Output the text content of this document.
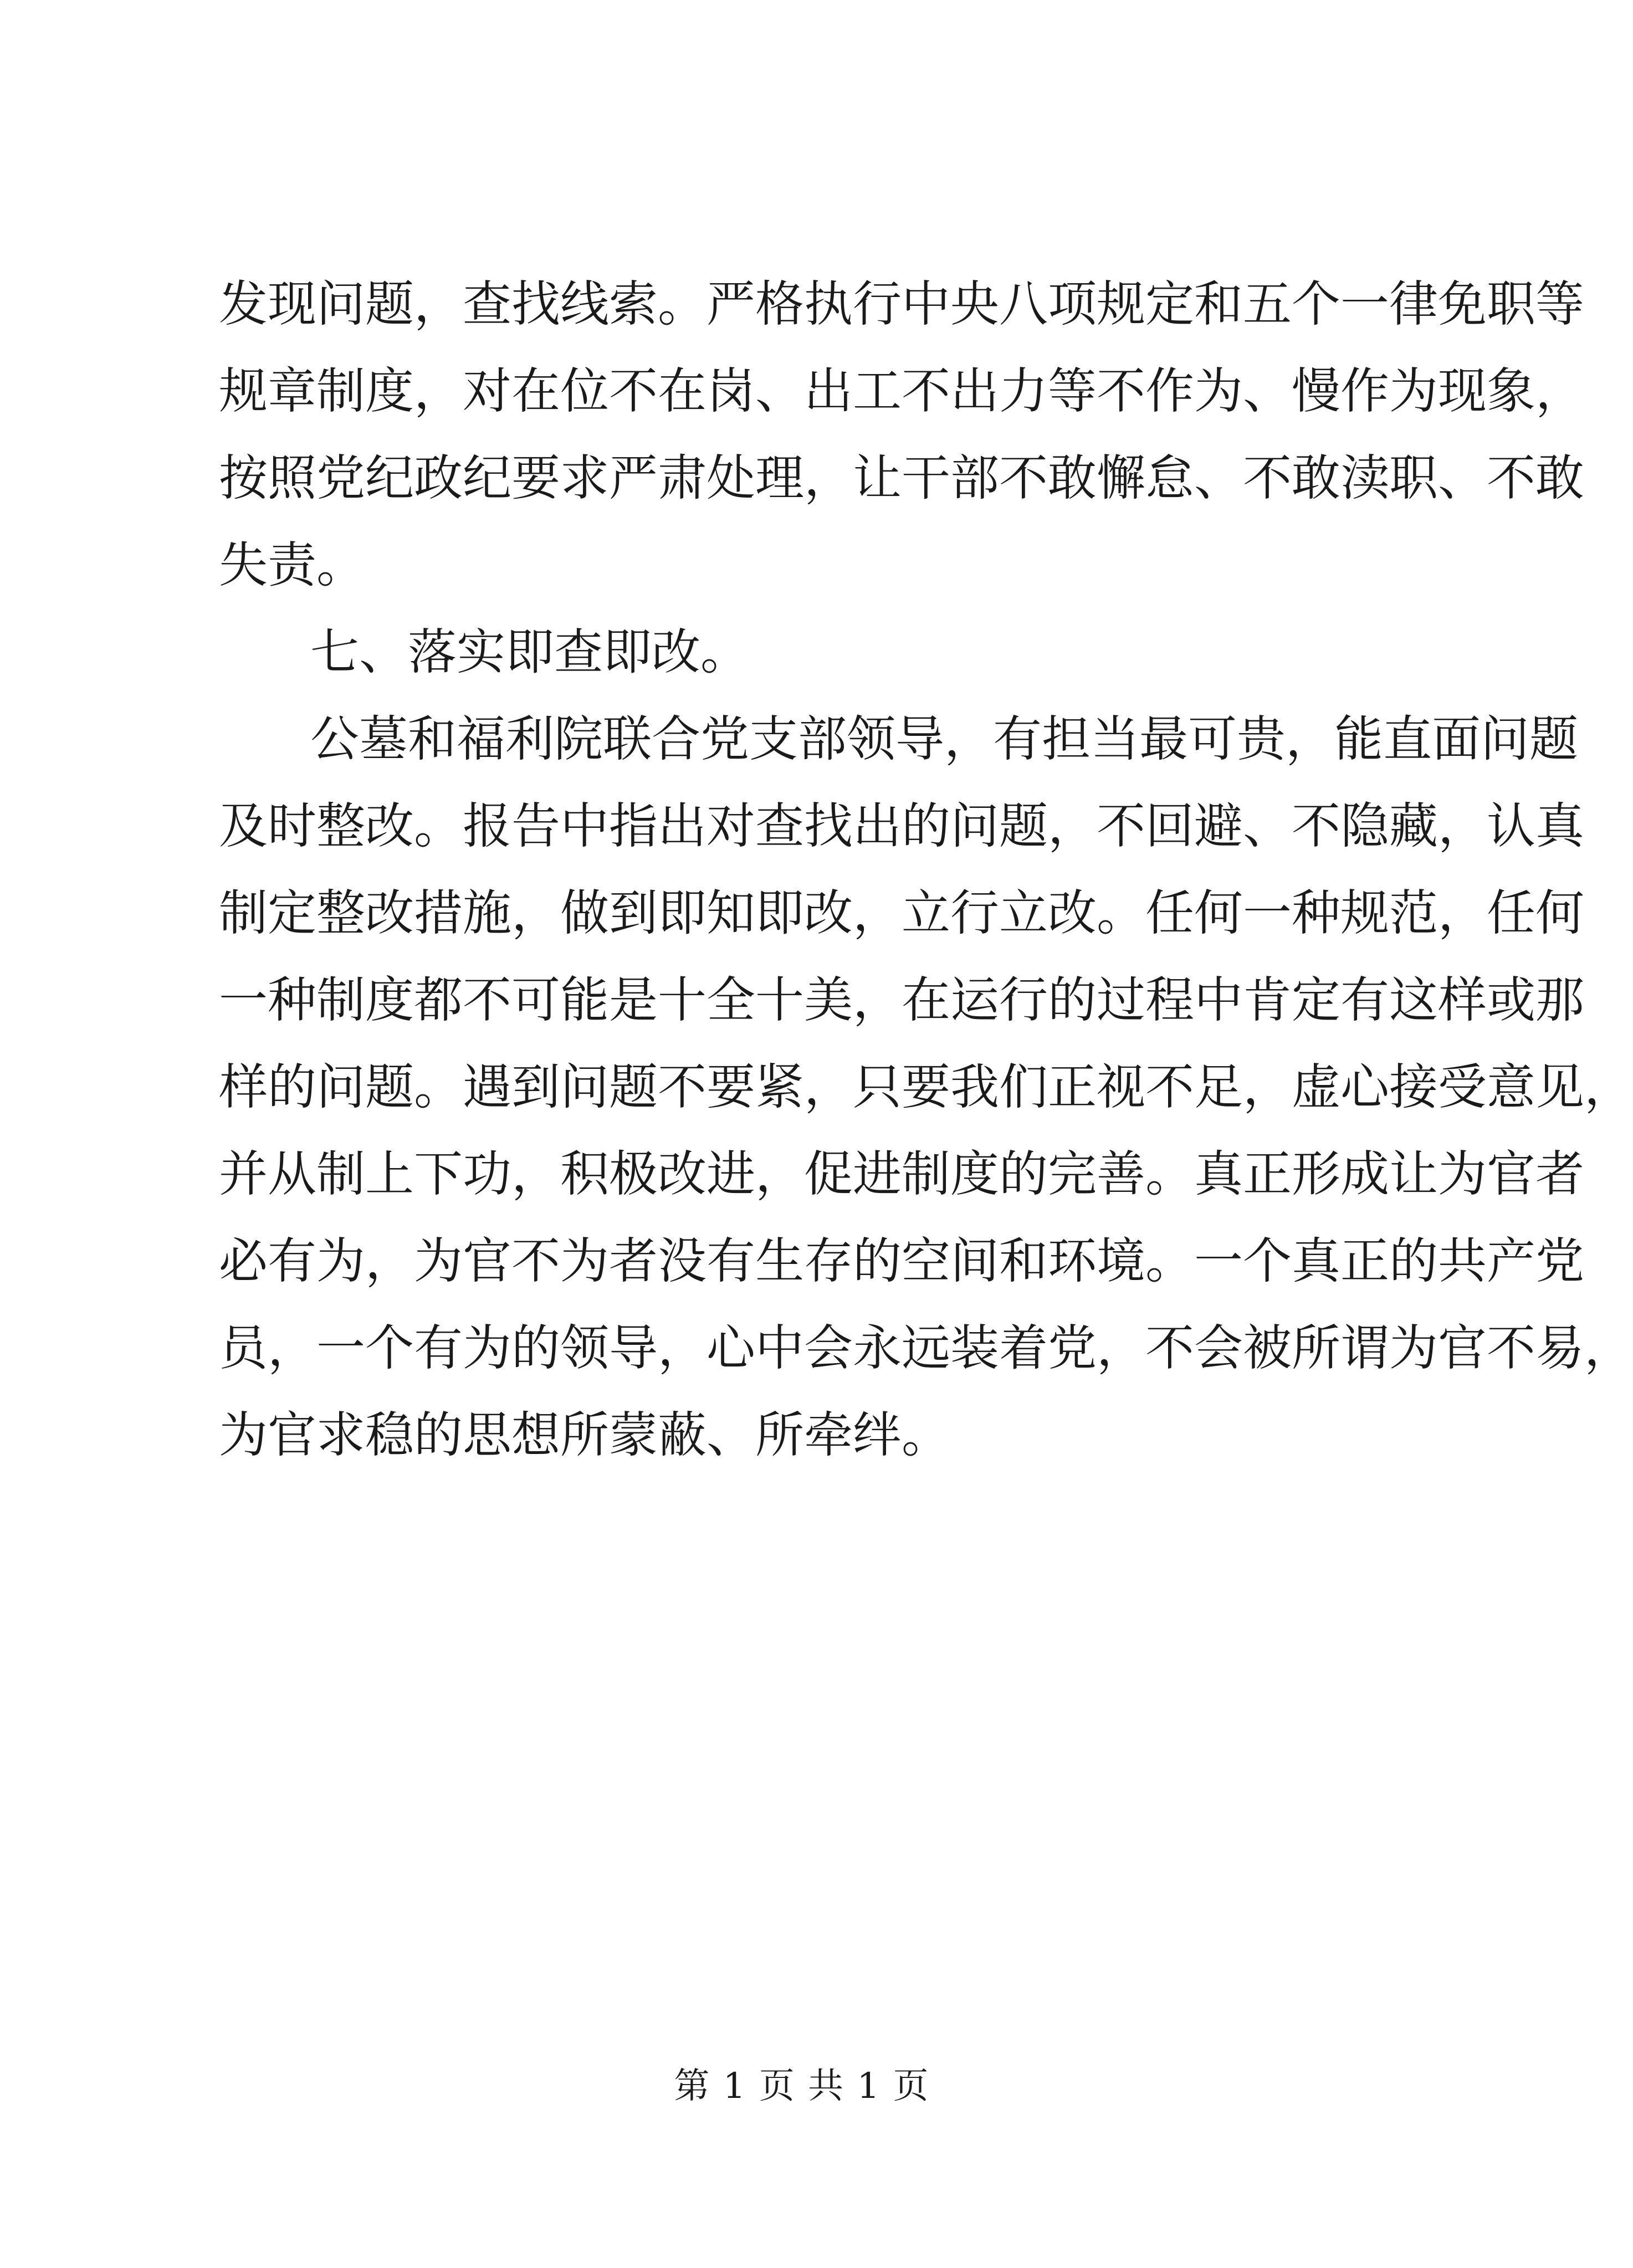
发现问题，查找线索。严格执行中央八项规定和五个一律免职等
规章制度，对在位不在岗、出工不出力等不作为、慢作为现象，
按照党纪政纪要求严肃处理，让干部不敢懈怠、不敢渎职、不敢
失责。
七、落实即查即改。
公墓和福利院联合党支部领导，有担当最可贵，能直面问题
及时整改。报告中指出对查找出的问题，不回避、不隐藏，认真
制定整改措施，做到即知即改，立行立改。任何一种规范，任何
一种制度都不可能是十全十美，在运行的过程中肯定有这样或那
样的问题。遇到问题不要紧，只要我们正视不足，虚心接受意见，
并从制上下功，积极改进，促进制度的完善。真正形成让为官者
必有为，为官不为者没有生存的空间和环境。一个真正的共产党
员，一个有为的领导，心中会永远装着党，不会被所谓为官不易，
为官求稳的思想所蒙蔽、所牵绊。
第 1 页 共 1 页
